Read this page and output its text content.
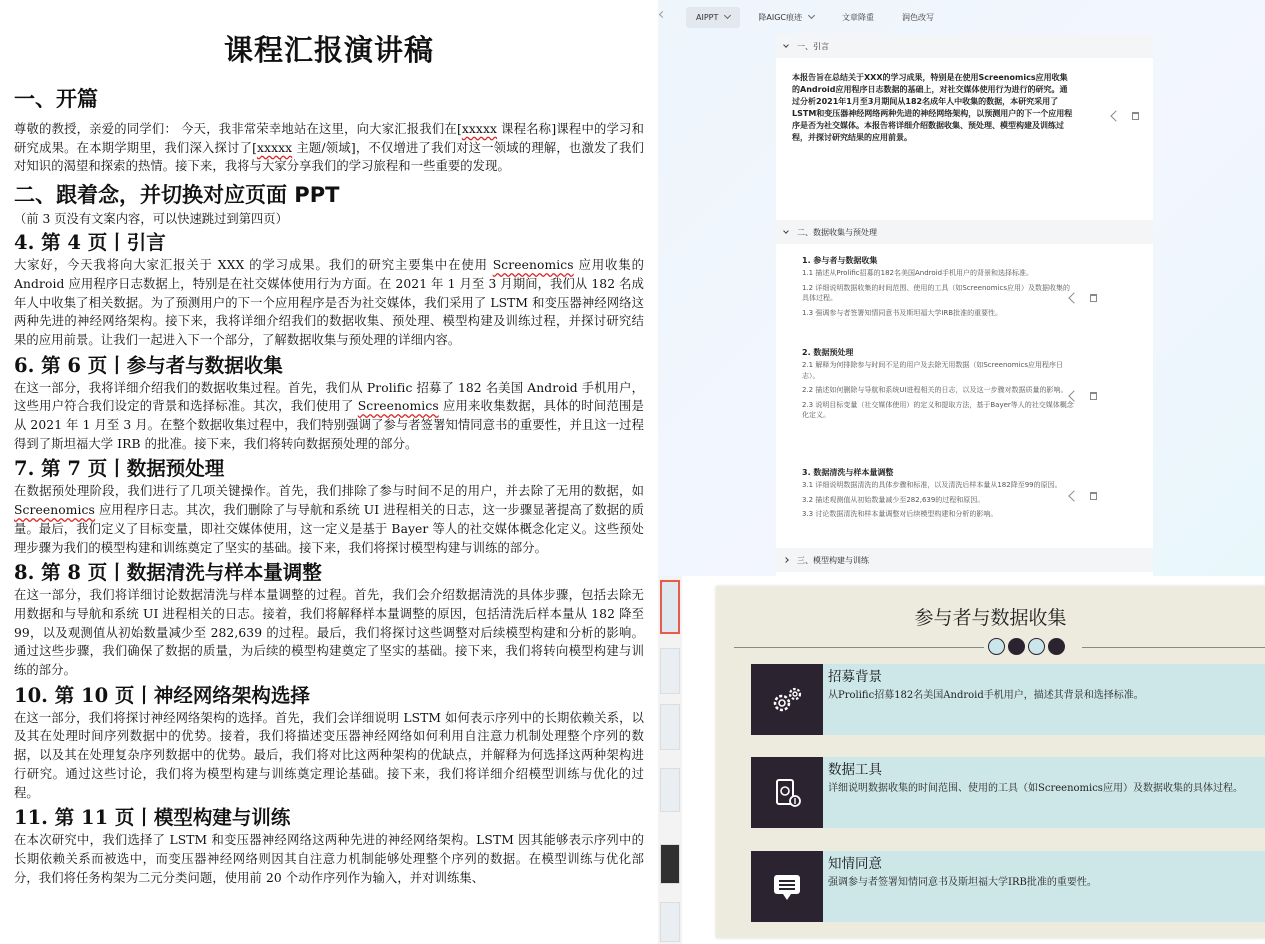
课程汇报演讲稿
一、开篇

尊敬的教授，亲爱的同学们： 今天，我非常荣幸地站在这里，向大家汇报我们在[xxxxx 课程名称]课程中的学习和研究成果。在本期学期里，我们深入探讨了[xxxxx 主题/领域]，不仅增进了我们对这一领域的理解，也激发了我们对知识的渴望和探索的热情。接下来，我将与大家分享我们的学习旅程和一些重要的发现。

二、跟着念，并切换对应页面 PPT
（前 3 页没有文案内容，可以快速跳过到第四页）
4. 第 4 页丨引言

大家好，今天我将向大家汇报关于 XXX 的学习成果。我们的研究主要集中在使用 Screenomics 应用收集的 Android 应用程序日志数据上，特别是在社交媒体使用行为方面。在 2021 年 1 月至 3 月期间，我们从 182 名成年人中收集了相关数据。为了预测用户的下一个应用程序是否为社交媒体，我们采用了 LSTM 和变压器神经网络这两种先进的神经网络架构。接下来，我将详细介绍我们的数据收集、预处理、模型构建及训练过程，并探讨研究结果的应用前景。让我们一起进入下一个部分，了解数据收集与预处理的详细内容。

6. 第 6 页丨参与者与数据收集

在这一部分，我将详细介绍我们的数据收集过程。首先，我们从 Prolific 招募了 182 名美国 Android 手机用户，这些用户符合我们设定的背景和选择标准。其次，我们使用了 Screenomics 应用来收集数据，具体的时间范围是从 2021 年 1 月至 3 月。在整个数据收集过程中，我们特别强调了参与者签署知情同意书的重要性，并且这一过程得到了斯坦福大学 IRB 的批准。接下来，我们将转向数据预处理的部分。

7. 第 7 页丨数据预处理

在数据预处理阶段，我们进行了几项关键操作。首先，我们排除了参与时间不足的用户，并去除了无用的数据，如 Screenomics 应用程序日志。其次，我们删除了与导航和系统 UI 进程相关的日志，这一步骤显著提高了数据的质量。最后，我们定义了目标变量，即社交媒体使用，这一定义是基于 Bayer 等人的社交媒体概念化定义。这些预处理步骤为我们的模型构建和训练奠定了坚实的基础。接下来，我们将探讨模型构建与训练的部分。

8. 第 8 页丨数据清洗与样本量调整

在这一部分，我们将详细讨论数据清洗与样本量调整的过程。首先，我们会介绍数据清洗的具体步骤，包括去除无用数据和与导航和系统 UI 进程相关的日志。接着，我们将解释样本量调整的原因，包括清洗后样本量从 182 降至 99，以及观测值从初始数量减少至 282,639 的过程。最后，我们将探讨这些调整对后续模型构建和分析的影响。通过这些步骤，我们确保了数据的质量，为后续的模型构建奠定了坚实的基础。接下来，我们将转向模型构建与训练的部分。

10. 第 10 页丨神经网络架构选择

在这一部分，我们将探讨神经网络架构的选择。首先，我们会详细说明 LSTM 如何表示序列中的长期依赖关系，以及其在处理时间序列数据中的优势。接着，我们将描述变压器神经网络如何利用自注意力机制处理整个序列的数据，以及其在处理复杂序列数据中的优势。最后，我们将对比这两种架构的优缺点，并解释为何选择这两种架构进行研究。通过这些讨论，我们将为模型构建与训练奠定理论基础。接下来，我们将详细介绍模型训练与优化的过程。

11. 第 11 页丨模型构建与训练

在本次研究中，我们选择了 LSTM 和变压器神经网络这两种先进的神经网络架构。LSTM 因其能够表示序列中的长期依赖关系而被选中，而变压器神经网络则因其自注意力机制能够处理整个序列的数据。在模型训练与优化部分，我们将任务构架为二元分类问题，使用前 20 个动作序列作为输入，并对训练集、

AIPPT	降AIGC痕迹	文章降重	润色改写
一、引言
本报告旨在总结关于XXX的学习成果，特别是在使用Screenomics应用收集的Android应用程序日志数据的基础上，对社交媒体使用行为进行的研究。通过分析2021年1月至3月期间从182名成年人中收集的数据，本研究采用了LSTM和变压器神经网络两种先进的神经网络架构，以预测用户的下一个应用程序是否为社交媒体。本报告将详细介绍数据收集、预处理、模型构建及训练过程，并探讨研究结果的应用前景。
二、数据收集与预处理
1. 参与者与数据收集
1.1 描述从Prolific招募的182名美国Android手机用户的背景和选择标准。
1.2 详细说明数据收集的时间范围、使用的工具（如Screenomics应用）及数据收集的具体过程。
1.3 强调参与者签署知情同意书及斯坦福大学IRB批准的重要性。
2. 数据预处理
2.1 解释为何排除参与时间不足的用户及去除无用数据（如Screenomics应用程序日志）。
2.2 描述如何删除与导航和系统UI进程相关的日志，以及这一步骤对数据质量的影响。
2.3 说明目标变量（社交媒体使用）的定义和提取方法，基于Bayer等人的社交媒体概念化定义。
3. 数据清洗与样本量调整
3.1 详细说明数据清洗的具体步骤和标准，以及清洗后样本量从182降至99的原因。
3.2 描述观测值从初始数量减少至282,639的过程和原因。
3.3 讨论数据清洗和样本量调整对后续模型构建和分析的影响。
三、模型构建与训练
参与者与数据收集
招募背景
从Prolific招募182名美国Android手机用户，描述其背景和选择标准。
数据工具
详细说明数据收集的时间范围、使用的工具（如Screenomics应用）及数据收集的具体过程。
知情同意
强调参与者签署知情同意书及斯坦福大学IRB批准的重要性。
